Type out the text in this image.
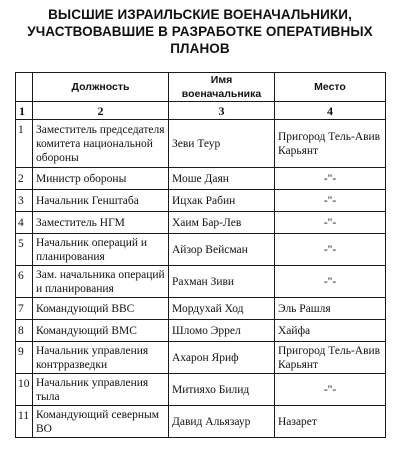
ВЫСШИЕ ИЗРАИЛЬСКИЕ ВОЕНАЧАЛЬНИКИ,
УЧАСТВОВАВШИЕ В РАЗРАБОТКЕ ОПЕРАТИВНЫХ
ПЛАНОВ
	Должность	Имя военачальника	Место
1	2	3	4
1	Заместитель председателя комитета национальной обороны	Зеви Теур	Пригород Тель-Авив Карьянт
2	Министр обороны	Моше Даян	-"-
3	Начальник Генштаба	Ицхак Рабин	-"-
4	Заместитель НГМ	Хаим Бар-Лев	-"-
5	Начальник операций и планирования	Айзор Вейсман	-"-
6	Зам. начальника операций и планирования	Рахман Зиви	-"-
7	Командующий ВВС	Мордухай Ход	Эль Рашля
8	Командующий ВМС	Шломо Эррел	Хайфа
9	Начальник управления контрразведки	Ахарон Яриф	Пригород Тель-Авив Карьянт
10	Начальник управления тыла	Митияхо Билид	-"-
11	Командующий северным ВО	Давид Альязаур	Назарет
